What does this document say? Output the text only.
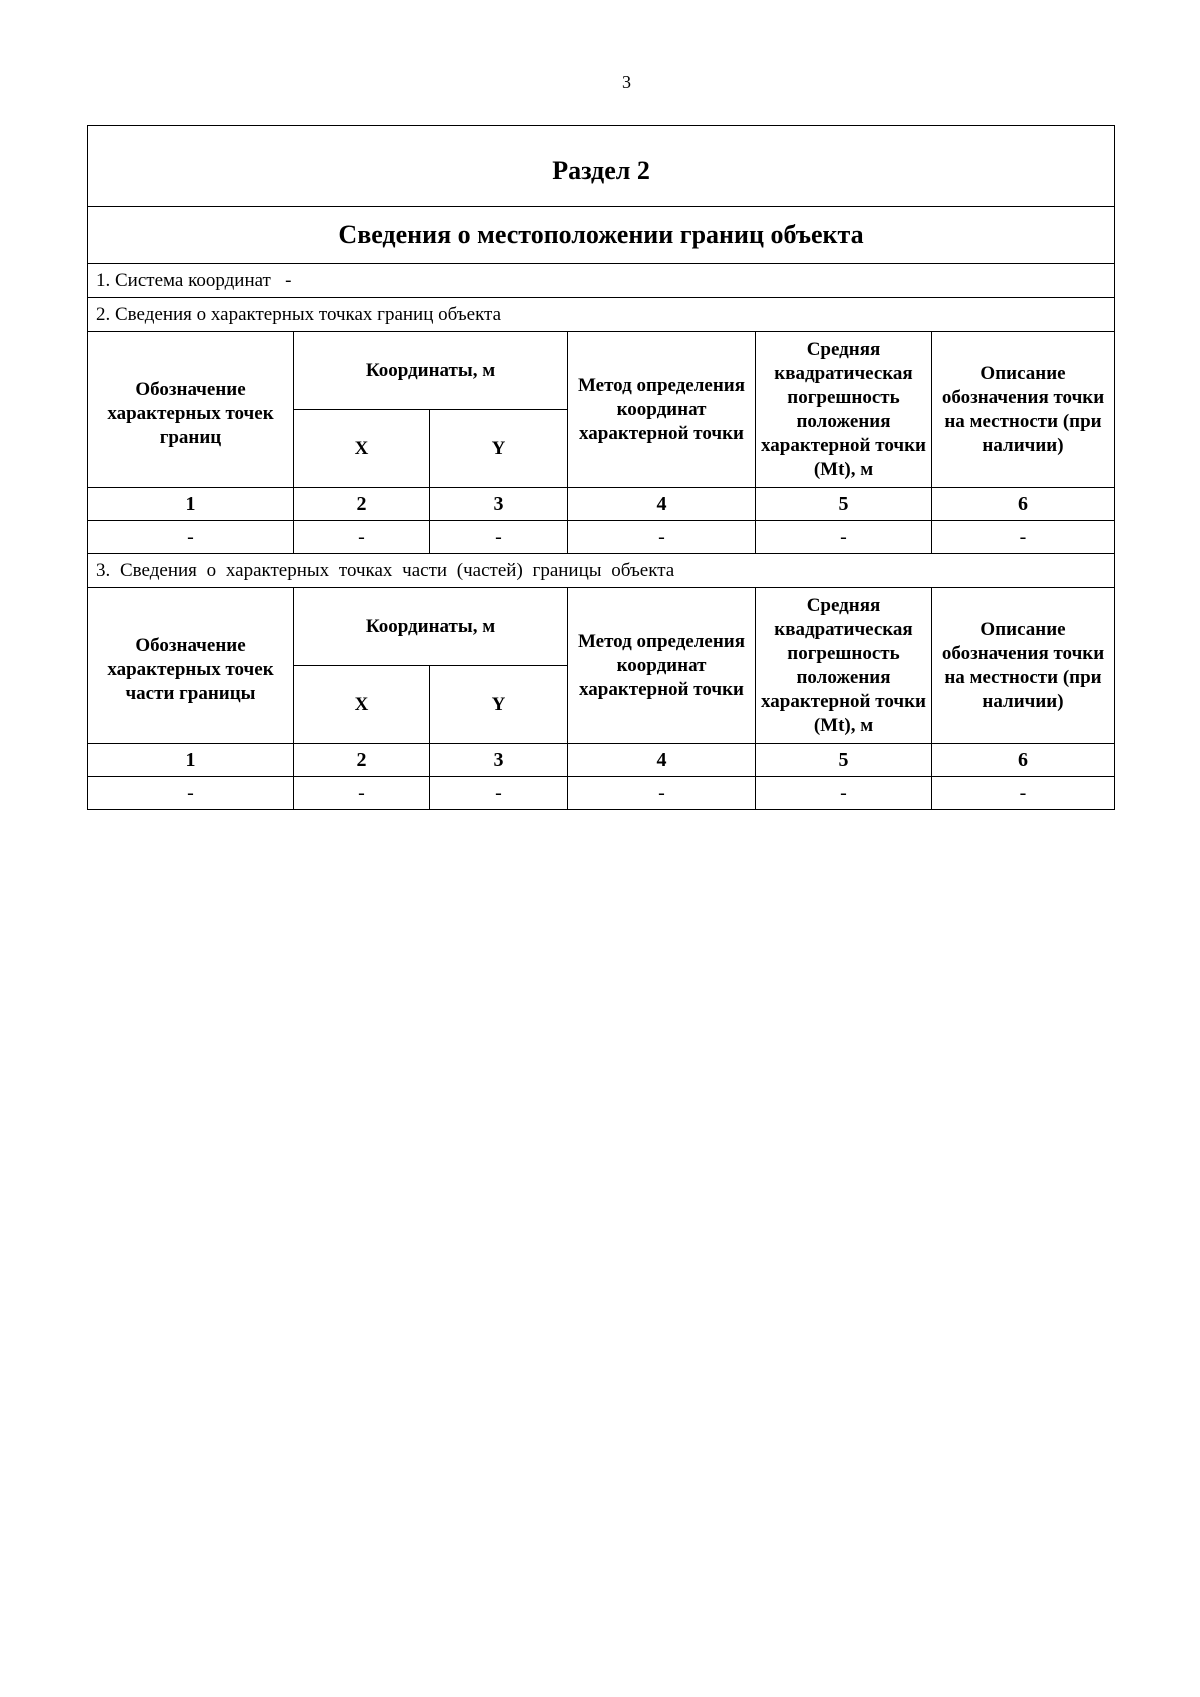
3
Раздел 2					
Сведения о местоположении границ объекта					
1. Система координат   -					
2. Сведения о характерных точках границ объекта					
Обозначение характерных точек границ	Координаты, м		Метод определения координат характерной точки	Средняя квадратическая погрешность положения характерной точки (Mt), м	Описание обозначения точки на местности (при наличии)
	X	Y			
1	2	3	4	5	6
-	-	-	-	-	-
3. Сведения о характерных точках части (частей) границы объекта					
Обозначение характерных точек части границы	Координаты, м		Метод определения координат характерной точки	Средняя квадратическая погрешность положения характерной точки (Mt), м	Описание обозначения точки на местности (при наличии)
	X	Y			
1	2	3	4	5	6
-	-	-	-	-	-
